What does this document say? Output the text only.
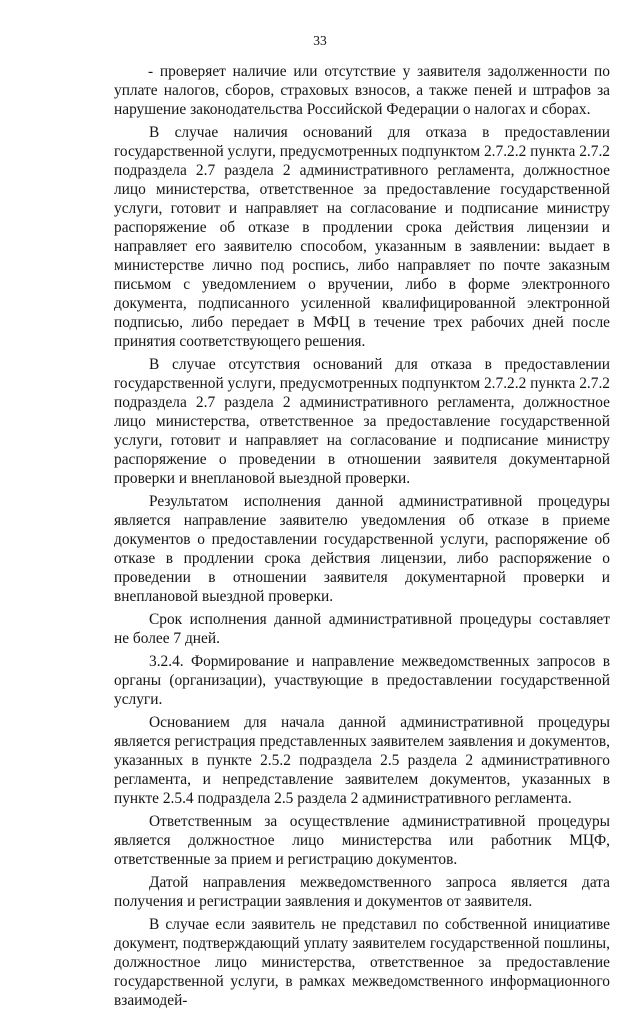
33

- проверяет наличие или отсутствие у заявителя задолженности по уплате налогов, сборов, страховых взносов, а также пеней и штрафов за нарушение законодательства Российской Федерации о налогах и сборах.

В случае наличия оснований для отказа в предоставлении государственной услуги, предусмотренных подпунктом 2.7.2.2 пункта 2.7.2 подраздела 2.7 раздела 2 административного регламента, должностное лицо министерства, ответственное за предоставление государственной услуги, готовит и направляет на согласование и подписание министру распоряжение об отказе в продлении срока действия лицензии и направляет его заявителю способом, указанным в заявлении: выдает в министерстве лично под роспись, либо направляет по почте заказным письмом с уведомлением о вручении, либо в форме электронного документа, подписанного усиленной квалифицированной электронной подписью, либо передает в МФЦ в течение трех рабочих дней после принятия соответствующего решения.

В случае отсутствия оснований для отказа в предоставлении государственной услуги, предусмотренных подпунктом 2.7.2.2 пункта 2.7.2 подраздела 2.7 раздела 2 административного регламента, должностное лицо министерства, ответственное за предоставление государственной услуги, готовит и направляет на согласование и подписание министру распоряжение о проведении в отношении заявителя документарной проверки и внеплановой выездной проверки.

Результатом исполнения данной административной процедуры является направление заявителю уведомления об отказе в приеме документов о предоставлении государственной услуги, распоряжение об отказе в продлении срока действия лицензии, либо распоряжение о проведении в отношении заявителя документарной проверки и внеплановой выездной проверки.

Срок исполнения данной административной процедуры составляет не более 7 дней.

3.2.4. Формирование и направление межведомственных запросов в органы (организации), участвующие в предоставлении государственной услуги.

Основанием для начала данной административной процедуры является регистрация представленных заявителем заявления и документов, указанных в пункте 2.5.2 подраздела 2.5 раздела 2 административного регламента, и непредставление заявителем документов, указанных в пункте 2.5.4 подраздела 2.5 раздела 2 административного регламента.

Ответственным за осуществление административной процедуры является должностное лицо министерства или работник МЦФ, ответственные за прием и регистрацию документов.

Датой направления межведомственного запроса является дата получения и регистрации заявления и документов от заявителя.

В случае если заявитель не представил по собственной инициативе документ, подтверждающий уплату заявителем государственной пошлины, должностное лицо министерства, ответственное за предоставление государственной услуги, в рамках межведомственного информационного взаимодей-
